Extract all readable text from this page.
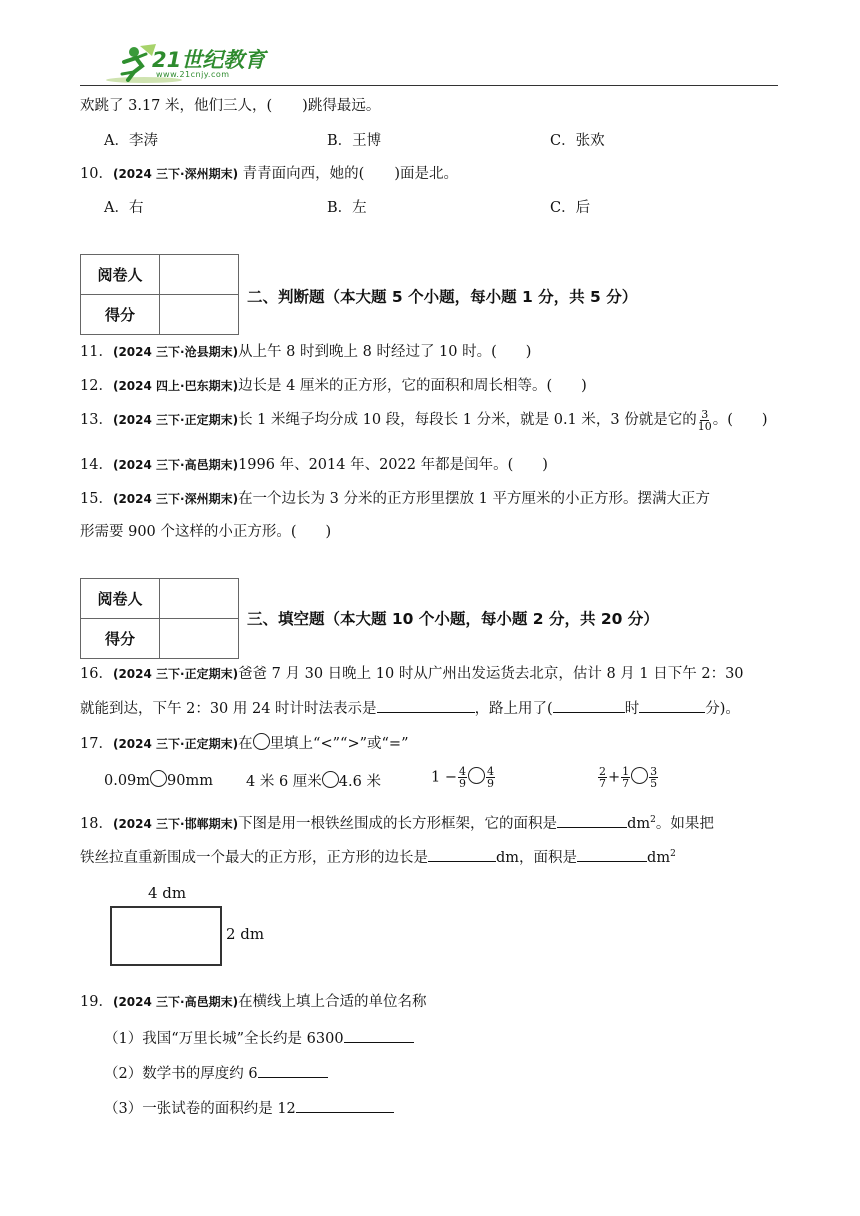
21世纪教育
www.21cnjy.com
欢跳了 3.17 米，他们三人，( )跳得最远。
A．李涛	B．王博	C．张欢
10．(2024 三下·深州期末) 青青面向西，她的( )面是北。
A．右	B．左	C．后
阅卷人	
得分	
二、判断题（本大题 5 个小题，每小题 1 分，共 5 分）
11．(2024 三下·沧县期末)从上午 8 时到晚上 8 时经过了 10 时。(　　)
12．(2024 四上·巴东期末)边长是 4 厘米的正方形，它的面积和周长相等。(　　)
13．(2024 三下·正定期末)长 1 米绳子均分成 10 段，每段长 1 分米，就是 0.1 米，3 份就是它的 $\frac{3}{10}$ 。(　　)
14．(2024 三下·高邑期末)1996 年、2014 年、2022 年都是闰年。(　　)
15．(2024 三下·深州期末)在一个边长为 3 分米的正方形里摆放 1 平方厘米的小正方形。摆满大正方
形需要 900 个这样的小正方形。(　　)
阅卷人	
得分	
三、填空题（本大题 10 个小题，每小题 2 分，共 20 分）
16．(2024 三下·正定期末)爸爸 7 月 30 日晚上 10 时从广州出发运货去北京，估计 8 月 1 日下午 2：30
就能到达，下午 2：30 用 24 时计时法表示是	，路上用了(	时	分)。
17．(2024 三下·正定期末)在 里填上“<”“>”或“=”
0.09m 90mm 4 米 6 厘米 4.6 米	$1 - \frac{4}{9} \frac{4}{9}$	$\frac{2}{7} + \frac{1}{7} \frac{3}{5}$
18．(2024 三下·邯郸期末)下图是用一根铁丝围成的长方形框架，它的面积是	$dm^2$。如果把
铁丝拉直重新围成一个最大的正方形，正方形的边长是	dm，面积是	$dm^2$
4 dm
2 dm
19．(2024 三下·高邑期末)在横线上填上合适的单位名称
（1）我国“万里长城”全长约是 6300
（2）数学书的厚度约 6
（3）一张试卷的面积约是 12
